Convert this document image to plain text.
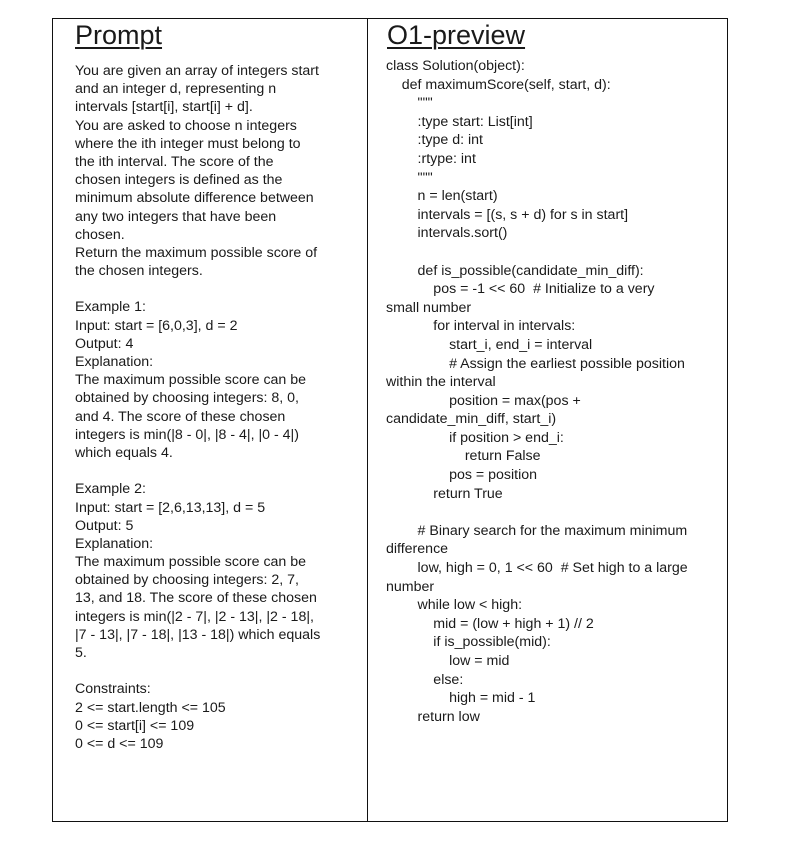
Prompt	O1-preview
You are given an array of integers start
and an integer d, representing n
intervals [start[i], start[i] + d].
You are asked to choose n integers
where the ith integer must belong to
the ith interval. The score of the
chosen integers is defined as the
minimum absolute difference between
any two integers that have been
chosen.
Return the maximum possible score of
the chosen integers.
Example 1:
Input: start = [6,0,3], d = 2
Output: 4
Explanation:
The maximum possible score can be
obtained by choosing integers: 8, 0,
and 4. The score of these chosen
integers is min(|8 - 0|, |8 - 4|, |0 - 4|)
which equals 4.
Example 2:
Input: start = [2,6,13,13], d = 5
Output: 5
Explanation:
The maximum possible score can be
obtained by choosing integers: 2, 7,
13, and 18. The score of these chosen
integers is min(|2 - 7|, |2 - 13|, |2 - 18|,
|7 - 13|, |7 - 18|, |13 - 18|) which equals
5.
Constraints:
2 <= start.length <= 105
0 <= start[i] <= 109
0 <= d <= 109
class Solution(object):
def maximumScore(self, start, d):
"""
:type start: List[int]
:type d: int
:rtype: int
"""
n = len(start)
intervals = [(s, s + d) for s in start]
intervals.sort()
def is_possible(candidate_min_diff):
pos = -1 << 60  # Initialize to a very
small number
for interval in intervals:
start_i, end_i = interval
# Assign the earliest possible position
within the interval
position = max(pos +
candidate_min_diff, start_i)
if position > end_i:
return False
pos = position
return True
# Binary search for the maximum minimum
difference
low, high = 0, 1 << 60  # Set high to a large
number
while low < high:
mid = (low + high + 1) // 2
if is_possible(mid):
low = mid
else:
high = mid - 1
return low
